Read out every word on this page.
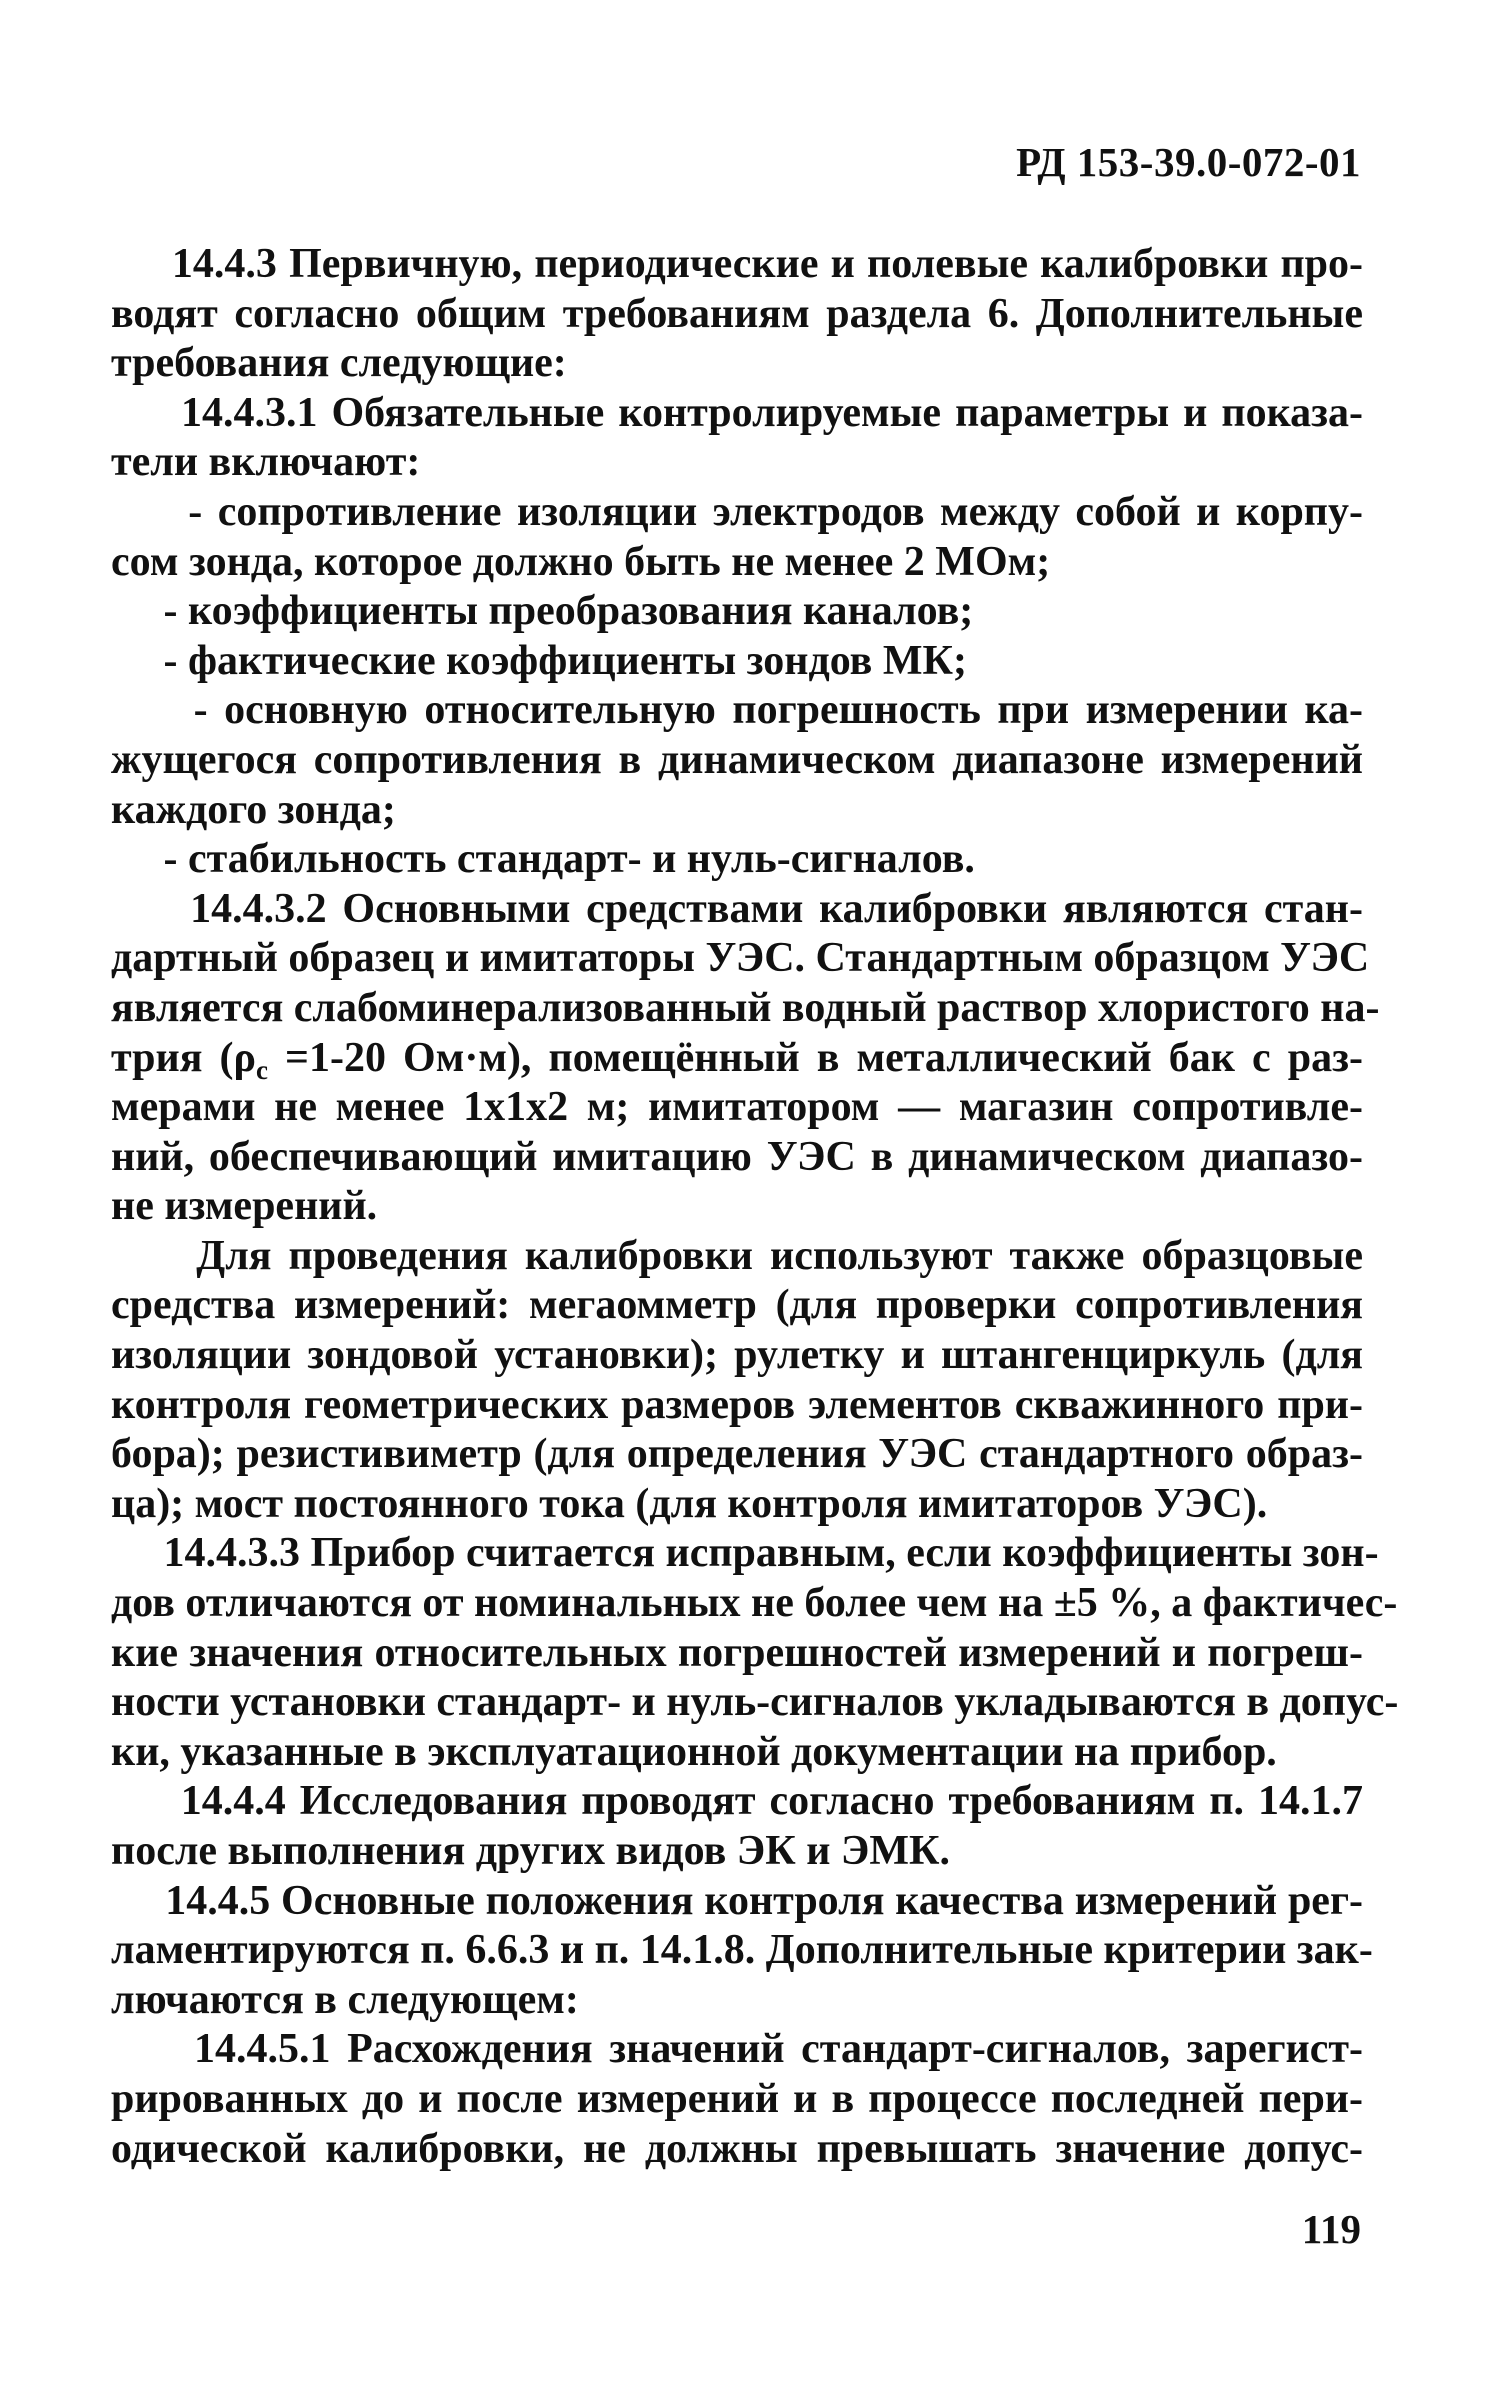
РД 153-39.0-072-01
14.4.3 Первичную, периодические и полевые калибровки про-
водят согласно общим требованиям раздела 6. Дополнительные
требования следующие:
14.4.3.1 Обязательные контролируемые параметры и показа-
тели включают:
- сопротивление изоляции электродов между собой и корпу-
сом зонда, которое должно быть не менее 2 МОм;
- коэффициенты преобразования каналов;
- фактические коэффициенты зондов МК;
- основную относительную погрешность при измерении ка-
жущегося сопротивления в динамическом диапазоне измерений
каждого зонда;
- стабильность стандарт- и нуль-сигналов.
14.4.3.2 Основными средствами калибровки являются стан-
дартный образец и имитаторы УЭС. Стандартным образцом УЭС
является слабоминерализованный водный раствор хлористого на-
трия ($\rho_c =1-20$ Ом·м), помещённый в металлический бак с раз-
мерами не менее 1х1х2 м; имитатором — магазин сопротивле-
ний, обеспечивающий имитацию УЭС в динамическом диапазо-
не измерений.
Для проведения калибровки используют также образцовые
средства измерений: мегаомметр (для проверки сопротивления
изоляции зондовой установки); рулетку и штангенциркуль (для
контроля геометрических размеров элементов скважинного при-
бора); резистивиметр (для определения УЭС стандартного образ-
ца); мост постоянного тока (для контроля имитаторов УЭС).
14.4.3.3 Прибор считается исправным, если коэффициенты зон-
дов отличаются от номинальных не более чем на ±5 %, а фактичес-
кие значения относительных погрешностей измерений и погреш-
ности установки стандарт- и нуль-сигналов укладываются в допус-
ки, указанные в эксплуатационной документации на прибор.
14.4.4 Исследования проводят согласно требованиям п. 14.1.7
после выполнения других видов ЭК и ЭМК.
14.4.5 Основные положения контроля качества измерений рег-
ламентируются п. 6.6.3 и п. 14.1.8. Дополнительные критерии зак-
лючаются в следующем:
14.4.5.1 Расхождения значений стандарт-сигналов, зарегист-
рированных до и после измерений и в процессе последней пери-
одической калибровки, не должны превышать значение допус-
119
